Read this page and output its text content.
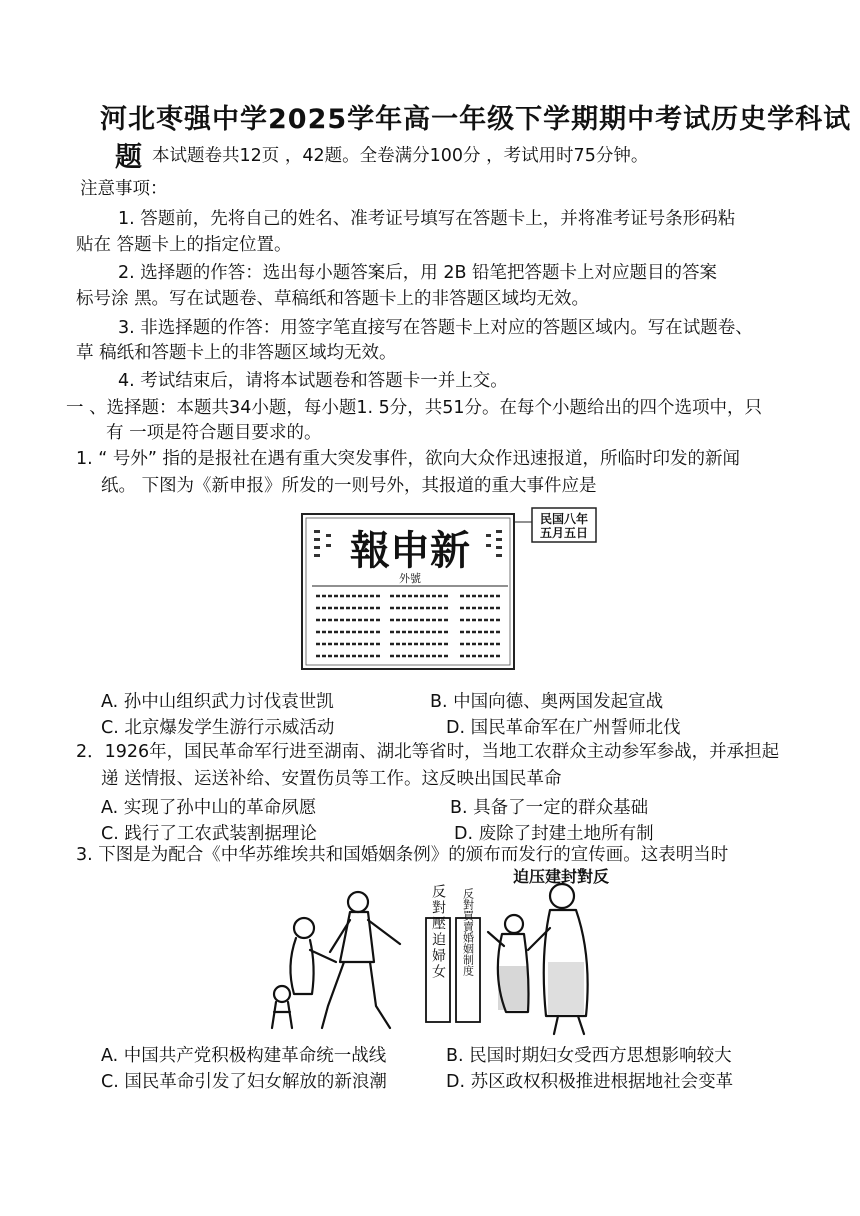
河北枣强中学2025学年高一年级下学期期中考试历史学科试
题 本试题卷共12页 ，42题。全卷满分100分 ，考试用时75分钟。
注意事项：
1. 答题前，先将自己的姓名、准考证号填写在答题卡上，并将准考证号条形码粘
贴在 答题卡上的指定位置。
2. 选择题的作答：选出每小题答案后，用 2B 铅笔把答题卡上对应题目的答案
标号涂 黑。写在试题卷、草稿纸和答题卡上的非答题区域均无效。
3. 非选择题的作答：用签字笔直接写在答题卡上对应的答题区域内。写在试题卷、
草 稿纸和答题卡上的非答题区域均无效。
4. 考试结束后，请将本试题卷和答题卡一并上交。
一 、选择题：本题共34小题，每小题1. 5分，共51分。在每个小题给出的四个选项中，只
有 一项是符合题目要求的。
1. “ 号外” 指的是报社在遇有重大突发事件，欲向大众作迅速报道，所临时印发的新闻
纸。 下图为《新申报》所发的一则号外，其报道的重大事件应是
報申新
外號
民国八年
五月五日
A. 孙中山组织武力讨伐袁世凯	B. 中国向德、奥两国发起宣战
C. 北京爆发学生游行示威活动	D. 国民革命军在广州誓师北伐
2．1926年，国民革命军行进至湖南、湖北等省时，当地工农群众主动参军参战，并承担起
递 送情报、运送补给、安置伤员等工作。这反映出国民革命
A. 实现了孙中山的革命夙愿	B. 具备了一定的群众基础
C. 践行了工农武装割据理论	D. 废除了封建土地所有制
3. 下图是为配合《中华苏维埃共和国婚姻条例》的颁布而发行的宣传画。这表明当时
迫压建封對反
反對壓迫婦女 反對買賣婚姻制度
A. 中国共产党积极构建革命统一战线	B. 民国时期妇女受西方思想影响较大
C. 国民革命引发了妇女解放的新浪潮	D. 苏区政权积极推进根据地社会变革
